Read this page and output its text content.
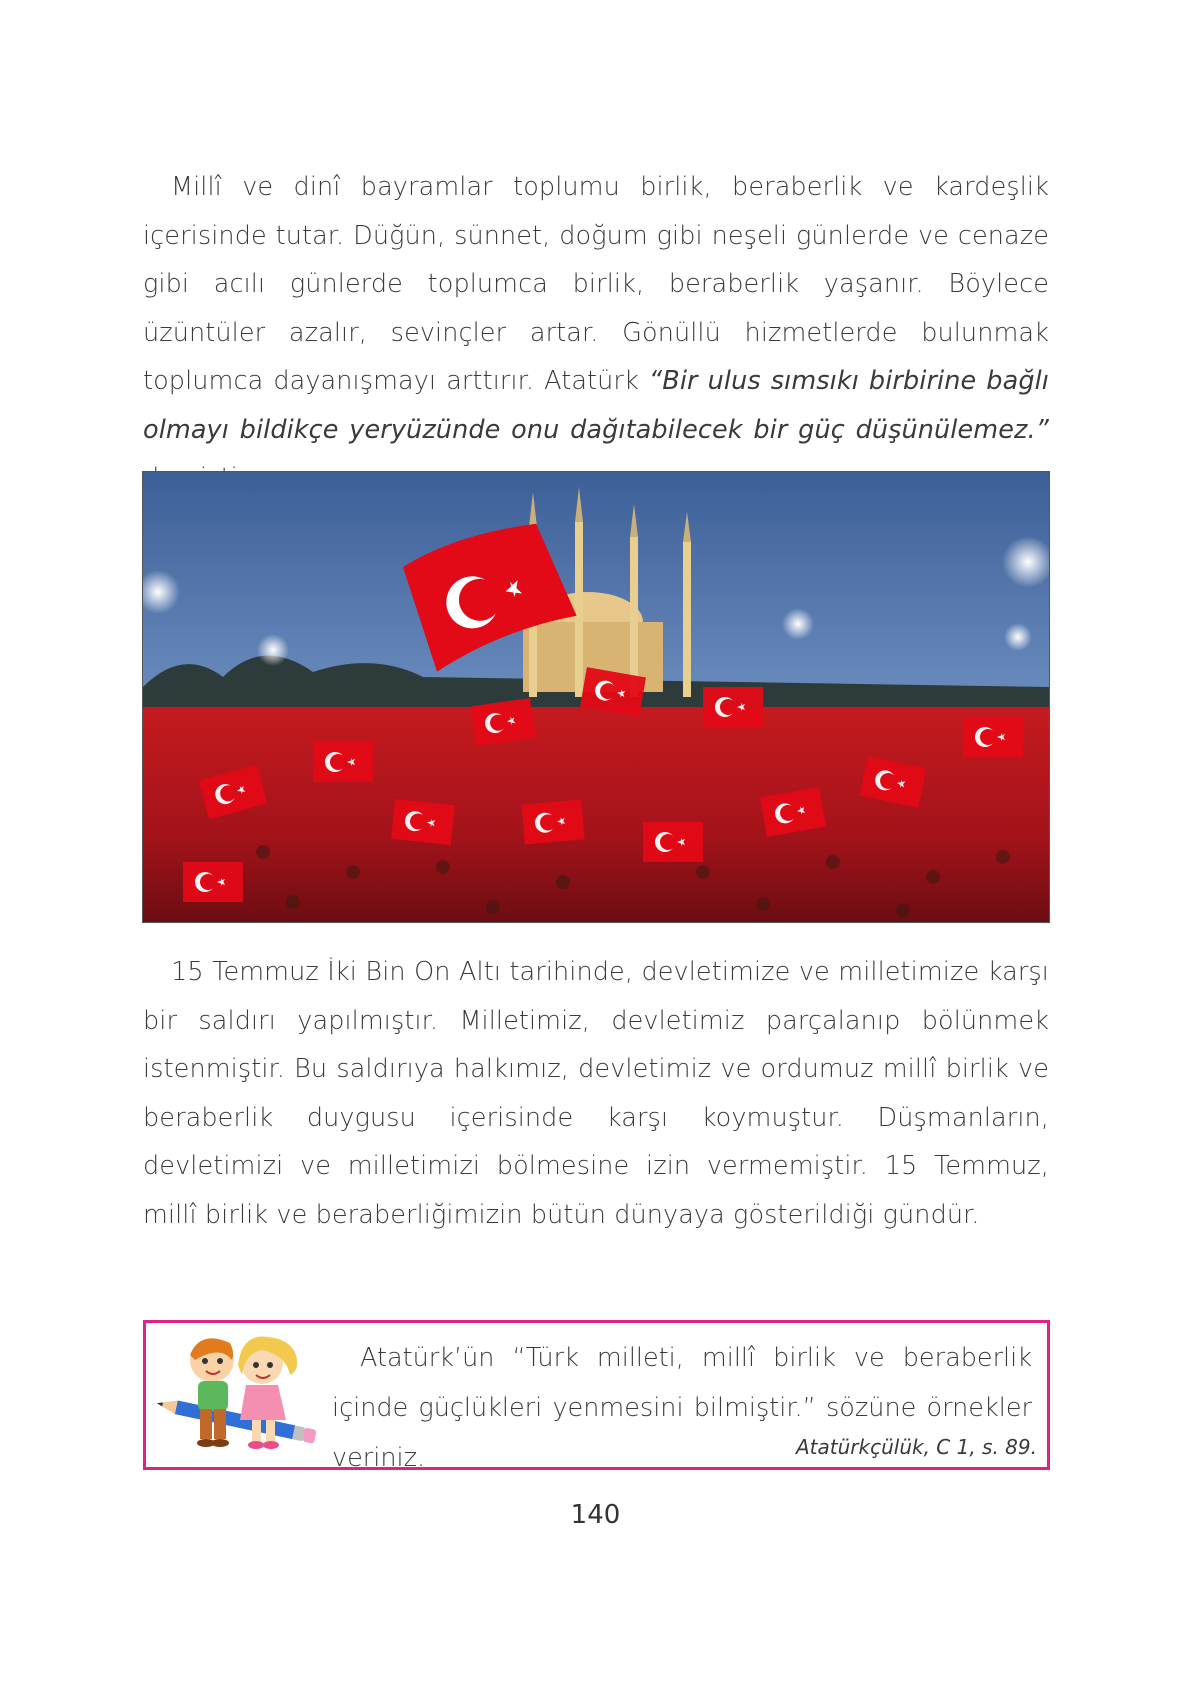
Millî ve dinî bayramlar toplumu birlik, beraberlik ve kardeşlik içerisinde tutar. Düğün, sünnet, doğum gibi neşeli günlerde ve cenaze gibi acılı günlerde toplumca birlik, beraberlik yaşanır. Böylece üzüntüler azalır, sevinçler artar. Gönüllü hizmetlerde bulunmak toplumca dayanışmayı arttırır. Atatürk “Bir ulus sımsıkı birbirine bağlı olmayı bildikçe yeryüzünde onu dağıtabilecek bir güç düşünülemez.”
15 Temmuz İki Bin On Altı tarihinde, devletimize ve milletimize karşı bir saldırı yapılmıştır. Milletimiz, devletimiz parçalanıp bölünmek istenmiştir. Bu saldırıya halkımız, devletimiz ve ordumuz millî birlik ve beraberlik duygusu içerisinde karşı koymuştur. Düşmanların, devletimizi ve milletimizi bölmesine izin vermemiştir. 15 Temmuz, millî birlik ve beraberliğimizin bütün dünyaya gösterildiği gündür.
Atatürk’ün “Türk milleti, millî birlik ve beraberlik içinde güçlükleri yenmesini bilmiştir.” sözüne örnekler veriniz.	Atatürkçülük, C 1, s. 89.
140
